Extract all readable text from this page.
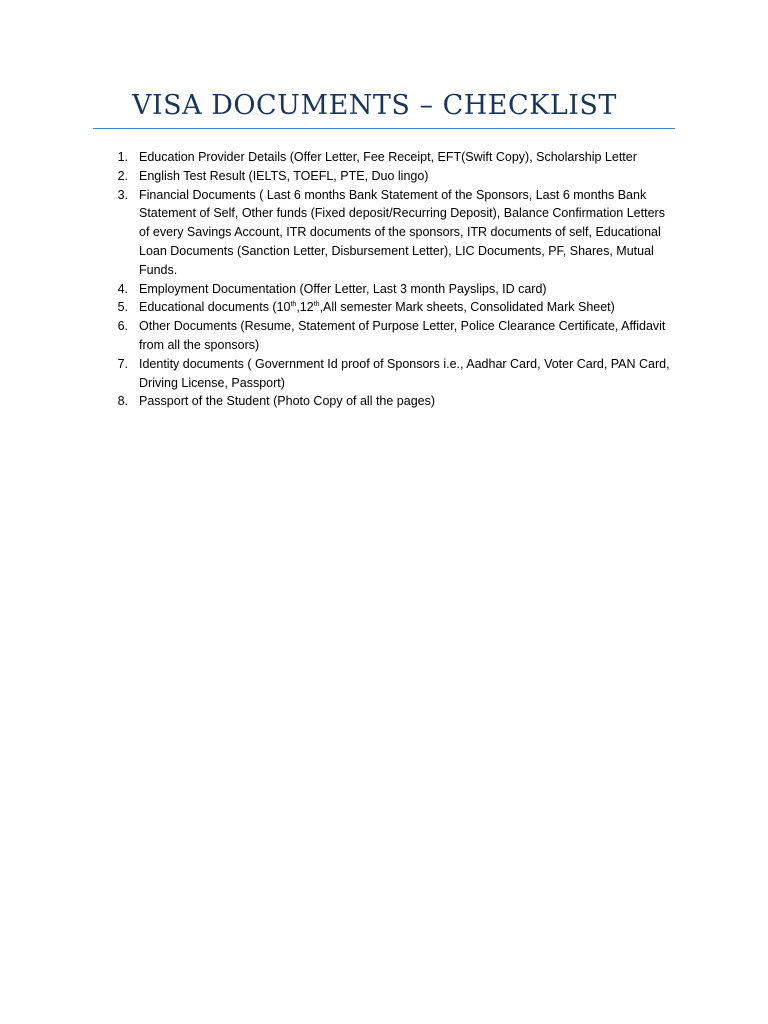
VISA DOCUMENTS – CHECKLIST
1. Education Provider Details (Offer Letter, Fee Receipt, EFT(Swift Copy), Scholarship Letter
2. English Test Result (IELTS, TOEFL, PTE, Duo lingo)
3. Financial Documents ( Last 6 months Bank Statement of the Sponsors, Last 6 months Bank Statement of Self, Other funds (Fixed deposit/Recurring Deposit), Balance Confirmation Letters of every Savings Account, ITR documents of the sponsors, ITR documents of self, Educational Loan Documents (Sanction Letter, Disbursement Letter), LIC Documents, PF, Shares, Mutual Funds.
4. Employment Documentation (Offer Letter, Last 3 month Payslips, ID card)
5. Educational documents (10th,12th,All semester Mark sheets, Consolidated Mark Sheet)
6. Other Documents (Resume, Statement of Purpose Letter, Police Clearance Certificate, Affidavit from all the sponsors)
7. Identity documents ( Government Id proof of Sponsors i.e., Aadhar Card, Voter Card, PAN Card, Driving License, Passport)
8. Passport of the Student (Photo Copy of all the pages)
